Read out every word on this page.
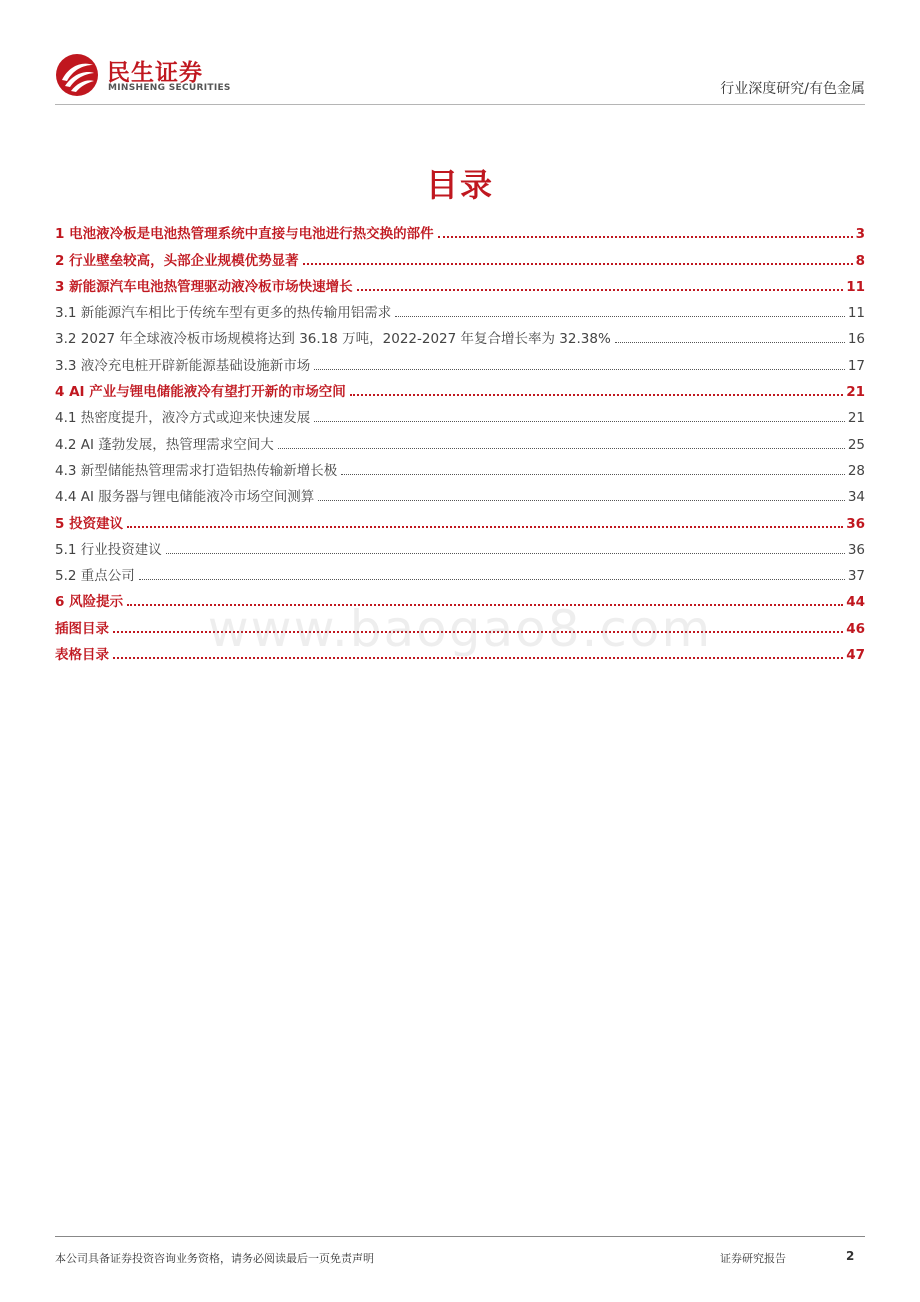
民生证券
MINSHENG SECURITIES	行业深度研究/有色金属
目录
1 电池液冷板是电池热管理系统中直接与电池进行热交换的部件	3
2 行业壁垒较高，头部企业规模优势显著	8
3 新能源汽车电池热管理驱动液冷板市场快速增长	11
3.1 新能源汽车相比于传统车型有更多的热传输用铝需求	11
3.2 2027 年全球液冷板市场规模将达到 36.18 万吨，2022-2027 年复合增长率为 32.38%	16
3.3 液冷充电桩开辟新能源基础设施新市场	17
4 AI 产业与锂电储能液冷有望打开新的市场空间	21
4.1 热密度提升，液冷方式或迎来快速发展	21
4.2 AI 蓬勃发展，热管理需求空间大	25
4.3 新型储能热管理需求打造铝热传输新增长极	28
4.4 AI 服务器与锂电储能液冷市场空间测算	34
5 投资建议	36
5.1 行业投资建议	36
5.2 重点公司	37
6 风险提示	44
插图目录	46
表格目录	47
www.baogao8.com
本公司具备证券投资咨询业务资格，请务必阅读最后一页免责声明	证券研究报告	2
